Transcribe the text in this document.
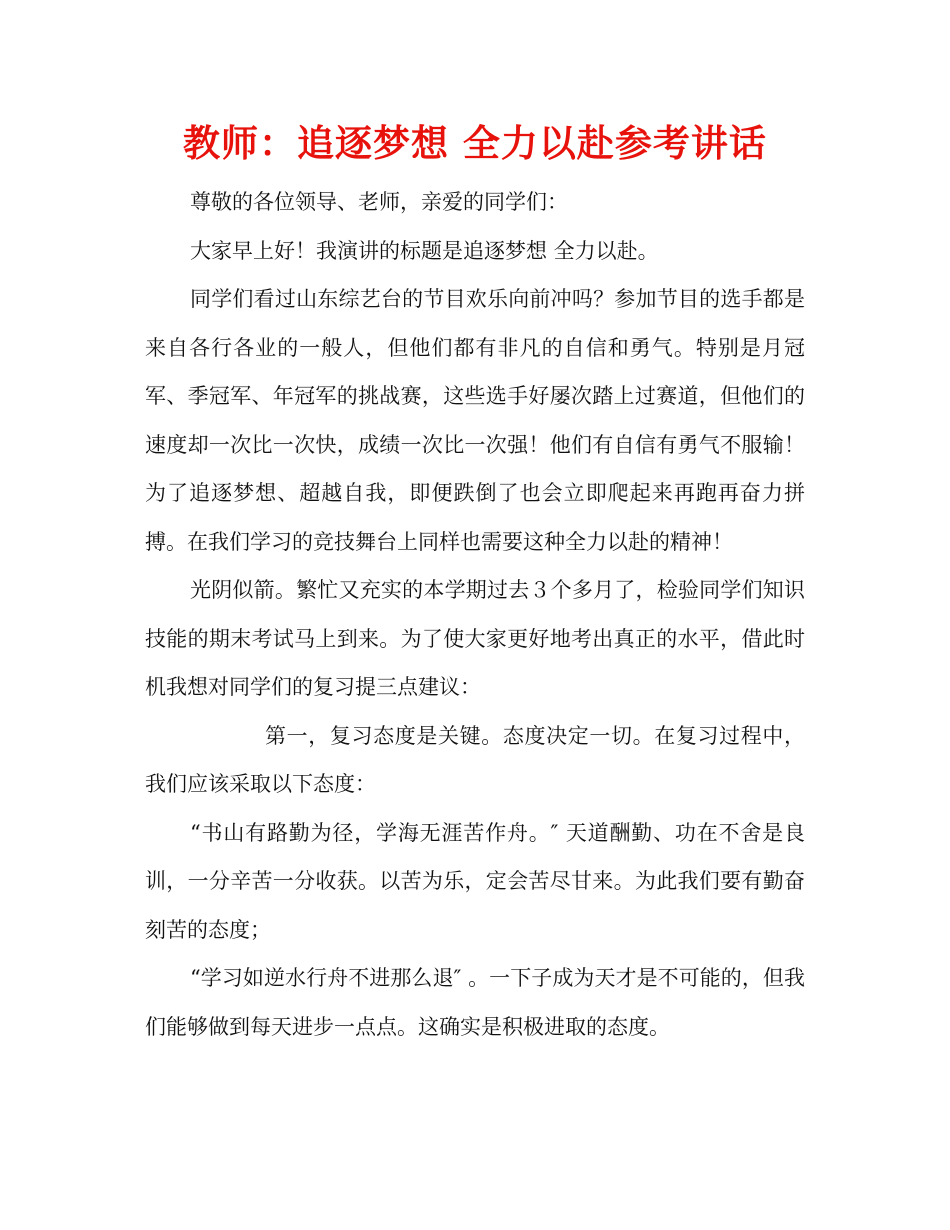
教师：追逐梦想 全力以赴参考讲话

尊敬的各位领导、老师，亲爱的同学们：

大家早上好！我演讲的标题是追逐梦想 全力以赴。

同学们看过山东综艺台的节目欢乐向前冲吗？参加节目的选手都是来自各行各业的一般人，但他们都有非凡的自信和勇气。特别是月冠军、季冠军、年冠军的挑战赛，这些选手好屡次踏上过赛道，但他们的速度却一次比一次快，成绩一次比一次强！他们有自信有勇气不服输！为了追逐梦想、超越自我，即便跌倒了也会立即爬起来再跑再奋力拼搏。在我们学习的竞技舞台上同样也需要这种全力以赴的精神！

光阴似箭。繁忙又充实的本学期过去３个多月了，检验同学们知识技能的期末考试马上到来。为了使大家更好地考出真正的水平，借此时机我想对同学们的复习提三点建议：

第一，复习态度是关键。态度决定一切。在复习过程中，我们应该采取以下态度：

“书山有路勤为径，学海无涯苦作舟。″ 天道酬勤、功在不舍是良训，一分辛苦一分收获。以苦为乐，定会苦尽甘来。为此我们要有勤奋刻苦的态度；

“学习如逆水行舟不进那么退″ 。一下子成为天才是不可能的，但我们能够做到每天进步一点点。这确实是积极进取的态度。
